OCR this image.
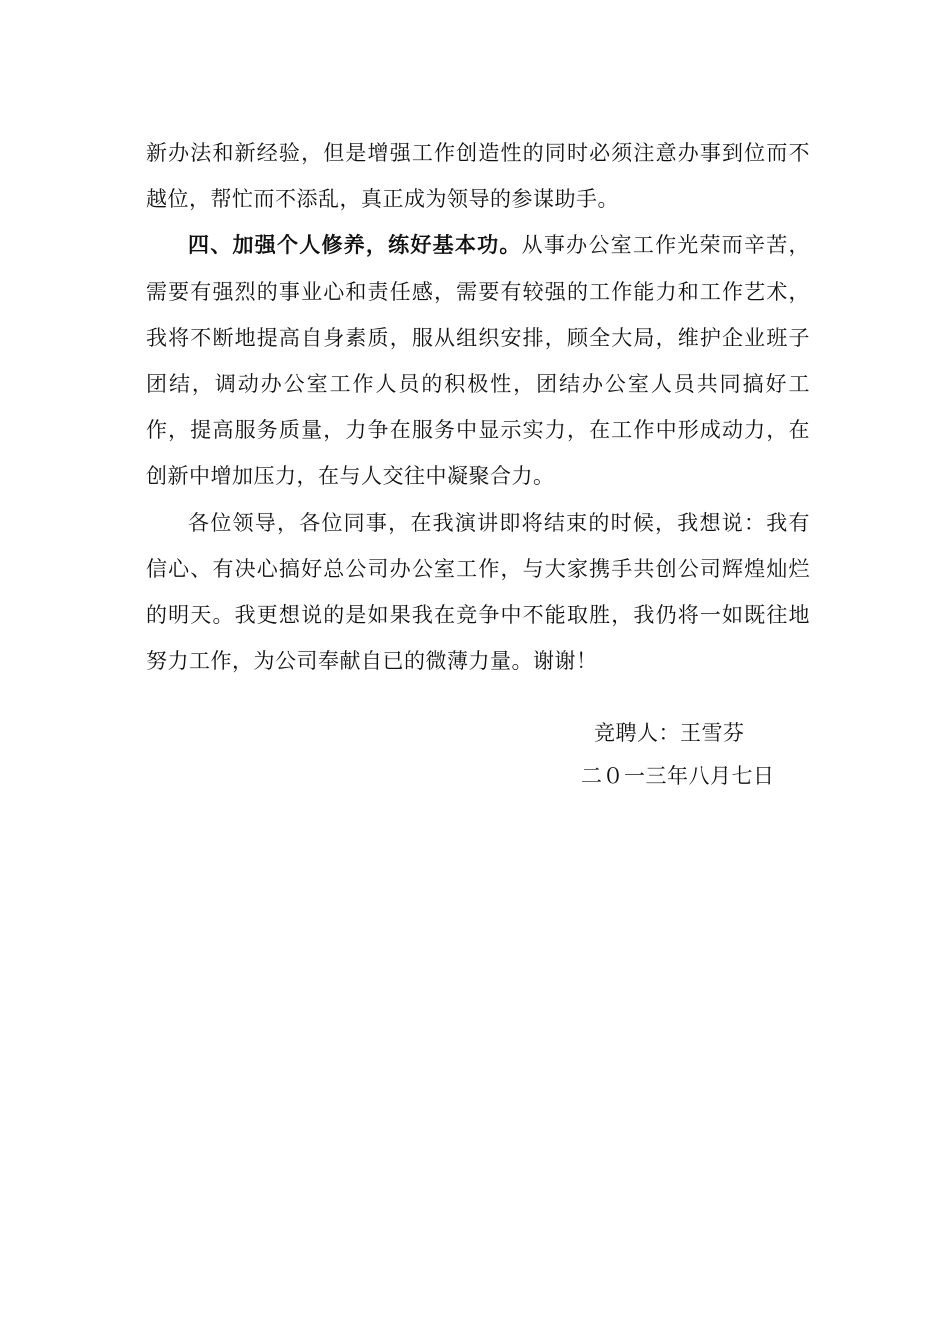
新办法和新经验，但是增强工作创造性的同时必须注意办事到位而不越位，帮忙而不添乱，真正成为领导的参谋助手。

四、加强个人修养，练好基本功。从事办公室工作光荣而辛苦，需要有强烈的事业心和责任感，需要有较强的工作能力和工作艺术，我将不断地提高自身素质，服从组织安排，顾全大局，维护企业班子团结，调动办公室工作人员的积极性，团结办公室人员共同搞好工作，提高服务质量，力争在服务中显示实力，在工作中形成动力，在创新中增加压力，在与人交往中凝聚合力。

各位领导，各位同事，在我演讲即将结束的时候，我想说：我有信心、有决心搞好总公司办公室工作，与大家携手共创公司辉煌灿烂的明天。我更想说的是如果我在竞争中不能取胜，我仍将一如既往地努力工作，为公司奉献自已的微薄力量。谢谢！

竞聘人：王雪芬
二０一三年八月七日
